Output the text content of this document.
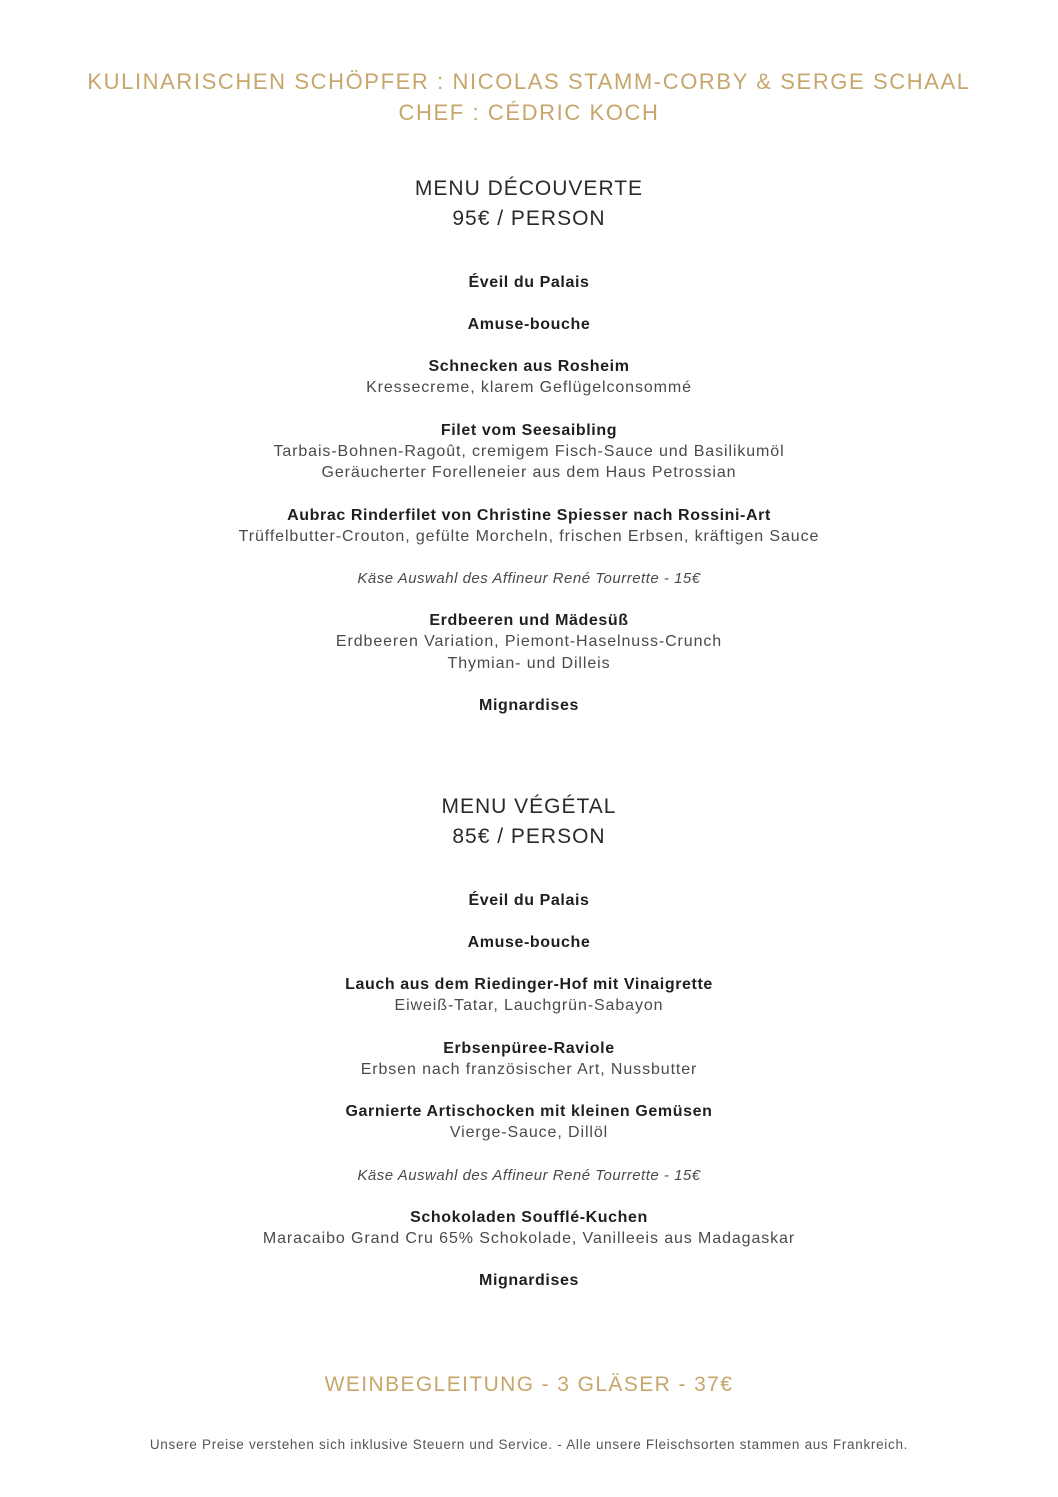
KULINARISCHEN SCHÖPFER : NICOLAS STAMM-CORBY & SERGE SCHAAL
CHEF : CÉDRIC KOCH
MENU DÉCOUVERTE
95€ / PERSON
Éveil du Palais
Amuse-bouche
Schnecken aus Rosheim
Kressecreme, klarem Geflügelconsommé
Filet vom Seesaibling
Tarbais-Bohnen-Ragoût, cremigem Fisch-Sauce und Basilikumöl
Geräucherter Forelleneier aus dem Haus Petrossian
Aubrac Rinderfilet von Christine Spiesser nach Rossini-Art
Trüffelbutter-Crouton, gefülte Morcheln, frischen Erbsen, kräftigen Sauce
Käse Auswahl des Affineur René Tourrette - 15€
Erdbeeren und Mädesüß
Erdbeeren Variation, Piemont-Haselnuss-Crunch
Thymian- und Dilleis
Mignardises
MENU VÉGÉTAL
85€ / PERSON
Éveil du Palais
Amuse-bouche
Lauch aus dem Riedinger-Hof mit Vinaigrette
Eiweiß-Tatar, Lauchgrün-Sabayon
Erbsenpüree-Raviole
Erbsen nach französischer Art, Nussbutter
Garnierte Artischocken mit kleinen Gemüsen
Vierge-Sauce, Dillöl
Käse Auswahl des Affineur René Tourrette - 15€
Schokoladen Soufflé-Kuchen
Maracaibo Grand Cru 65% Schokolade, Vanilleeis aus Madagaskar
Mignardises
WEINBEGLEITUNG - 3 GLÄSER - 37€
Unsere Preise verstehen sich inklusive Steuern und Service. - Alle unsere Fleischsorten stammen aus Frankreich.
